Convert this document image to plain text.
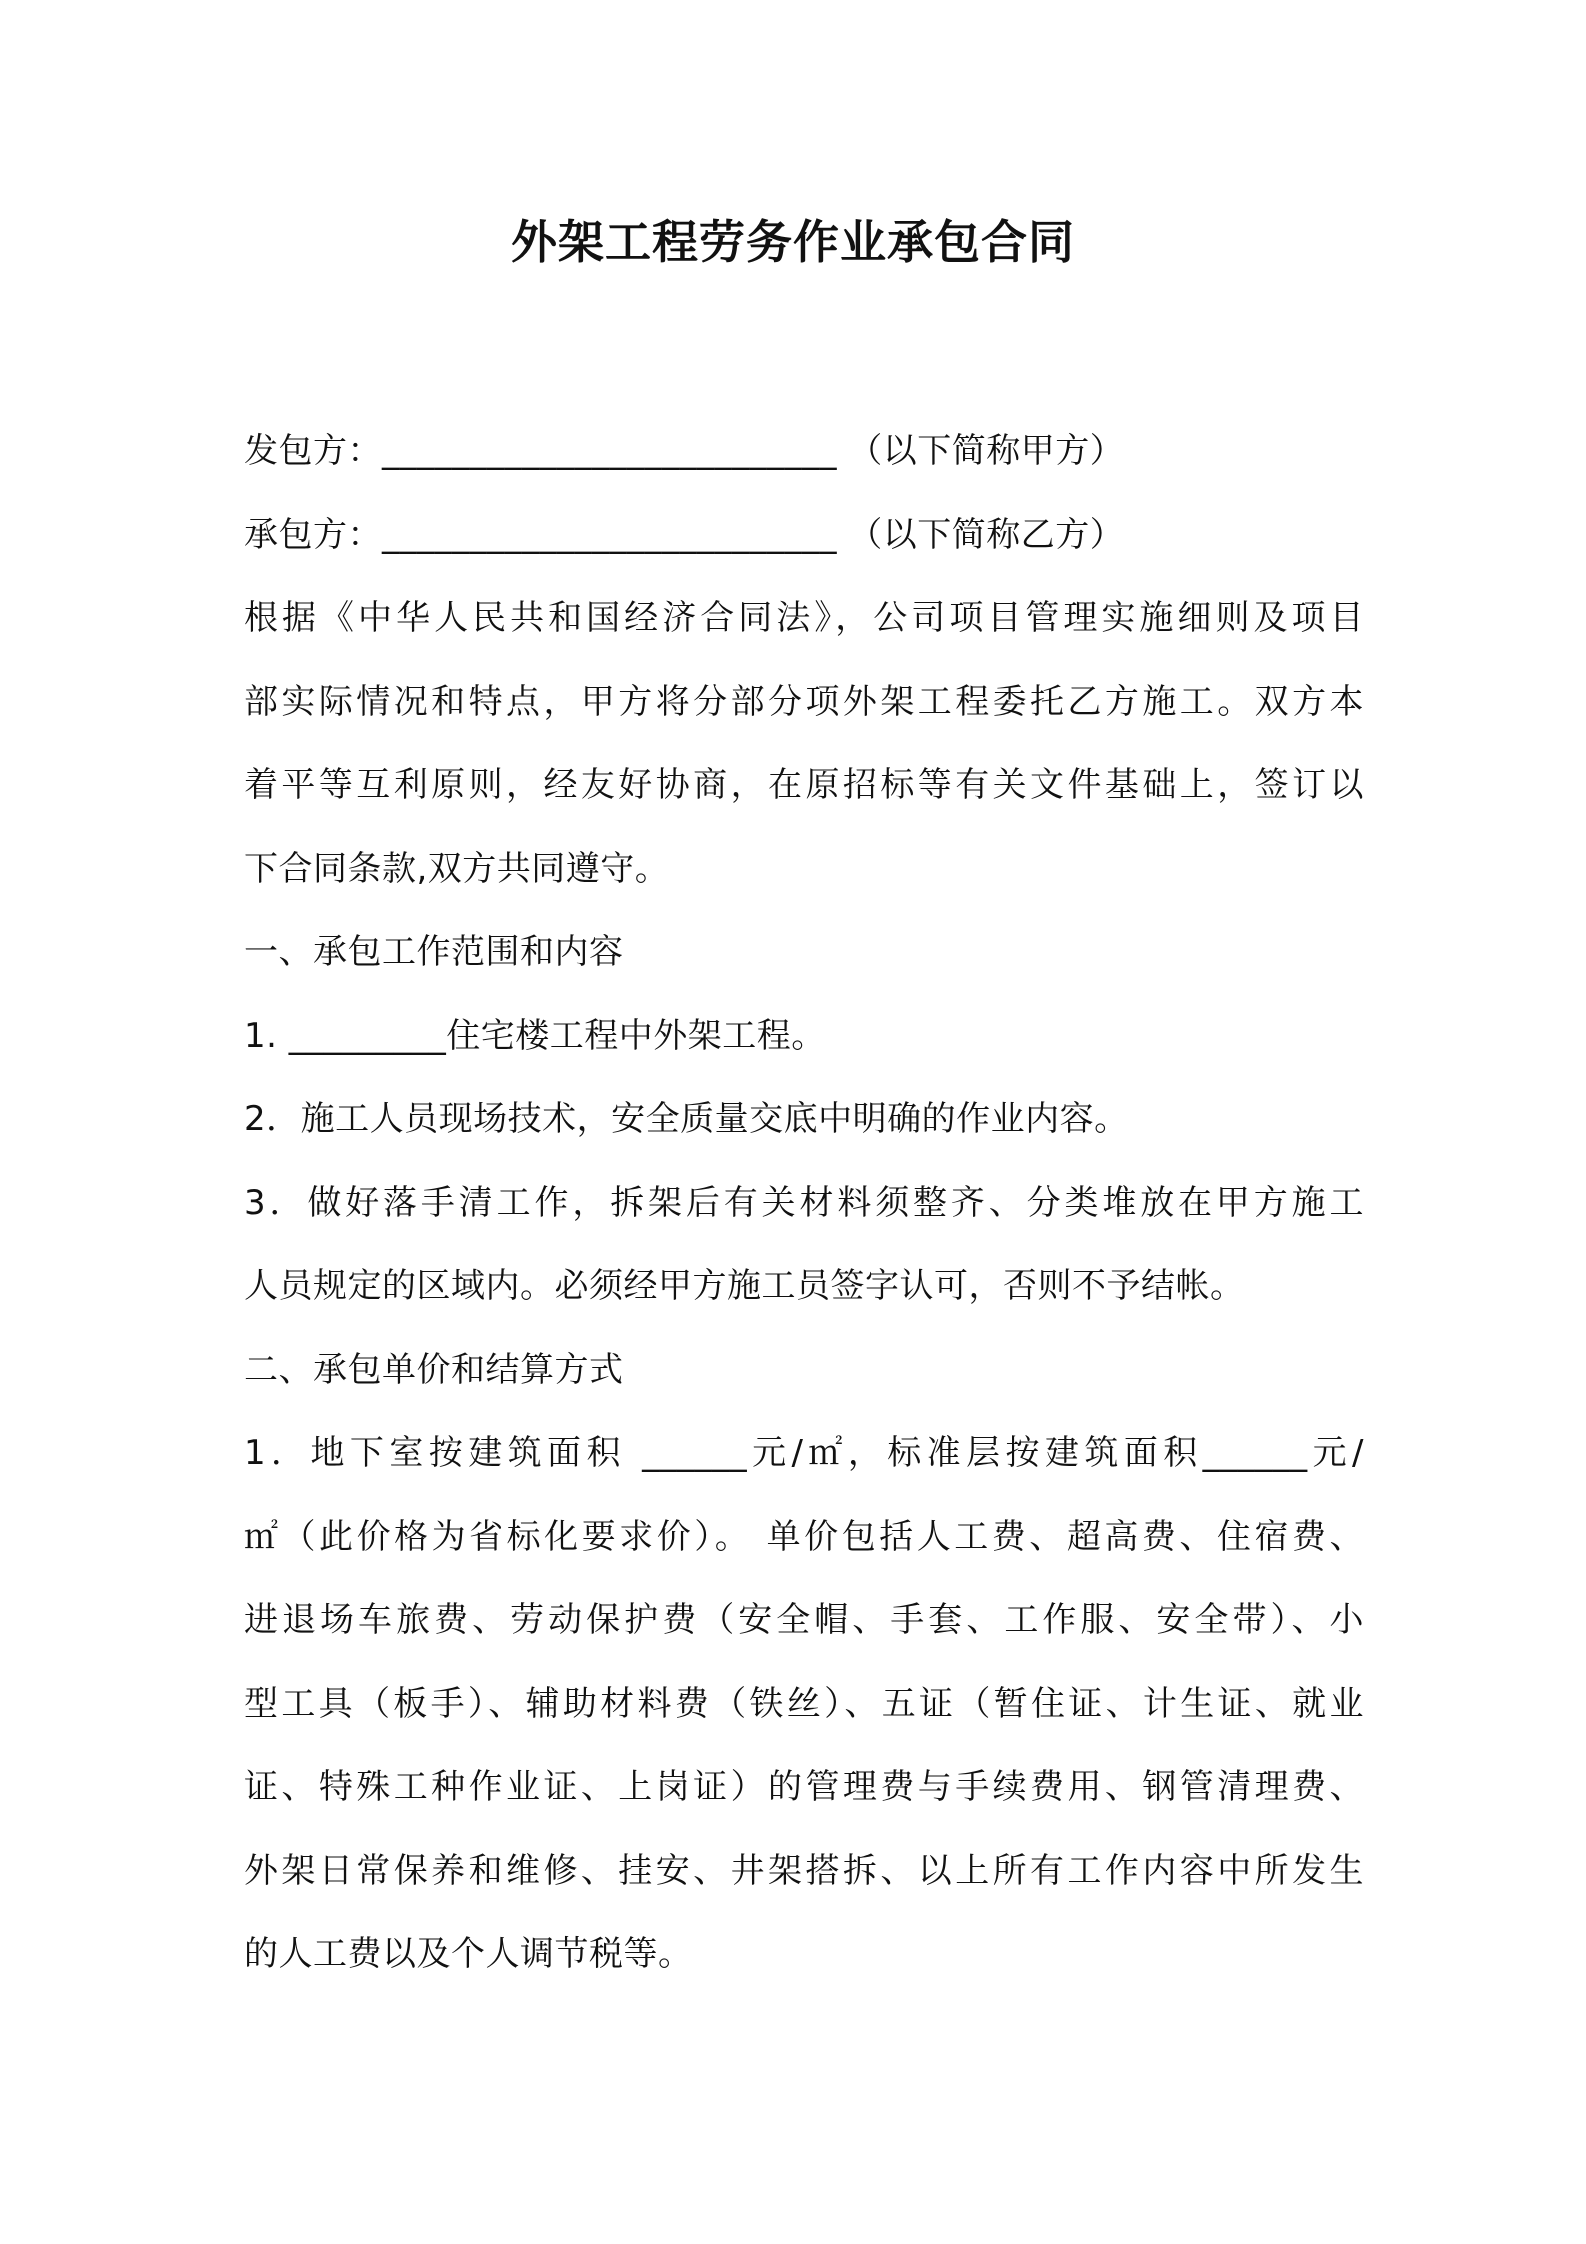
外架工程劳务作业承包合同
发包方：__________________________ （以下简称甲方）
承包方：__________________________ （以下简称乙方）
根据《中华人民共和国经济合同法》，公司项目管理实施细则及项目
部实际情况和特点，甲方将分部分项外架工程委托乙方施工。双方本
着平等互利原则，经友好协商，在原招标等有关文件基础上，签订以
下合同条款,双方共同遵守。
一、承包工作范围和内容
1. _________住宅楼工程中外架工程。
2．施工人员现场技术，安全质量交底中明确的作业内容。
3．做好落手清工作，拆架后有关材料须整齐、分类堆放在甲方施工
人员规定的区域内。必须经甲方施工员签字认可，否则不予结帐。
二、承包单价和结算方式
1．地下室按建筑面积 ______元/㎡，标准层按建筑面积______元/
㎡（此价格为省标化要求价）。 单价包括人工费、超高费、住宿费、
进退场车旅费、劳动保护费（安全帽、手套、工作服、安全带）、小
型工具（板手）、辅助材料费（铁丝）、五证（暂住证、计生证、就业
证、特殊工种作业证、上岗证）的管理费与手续费用、钢管清理费、
外架日常保养和维修、挂安、井架搭拆、以上所有工作内容中所发生
的人工费以及个人调节税等。
